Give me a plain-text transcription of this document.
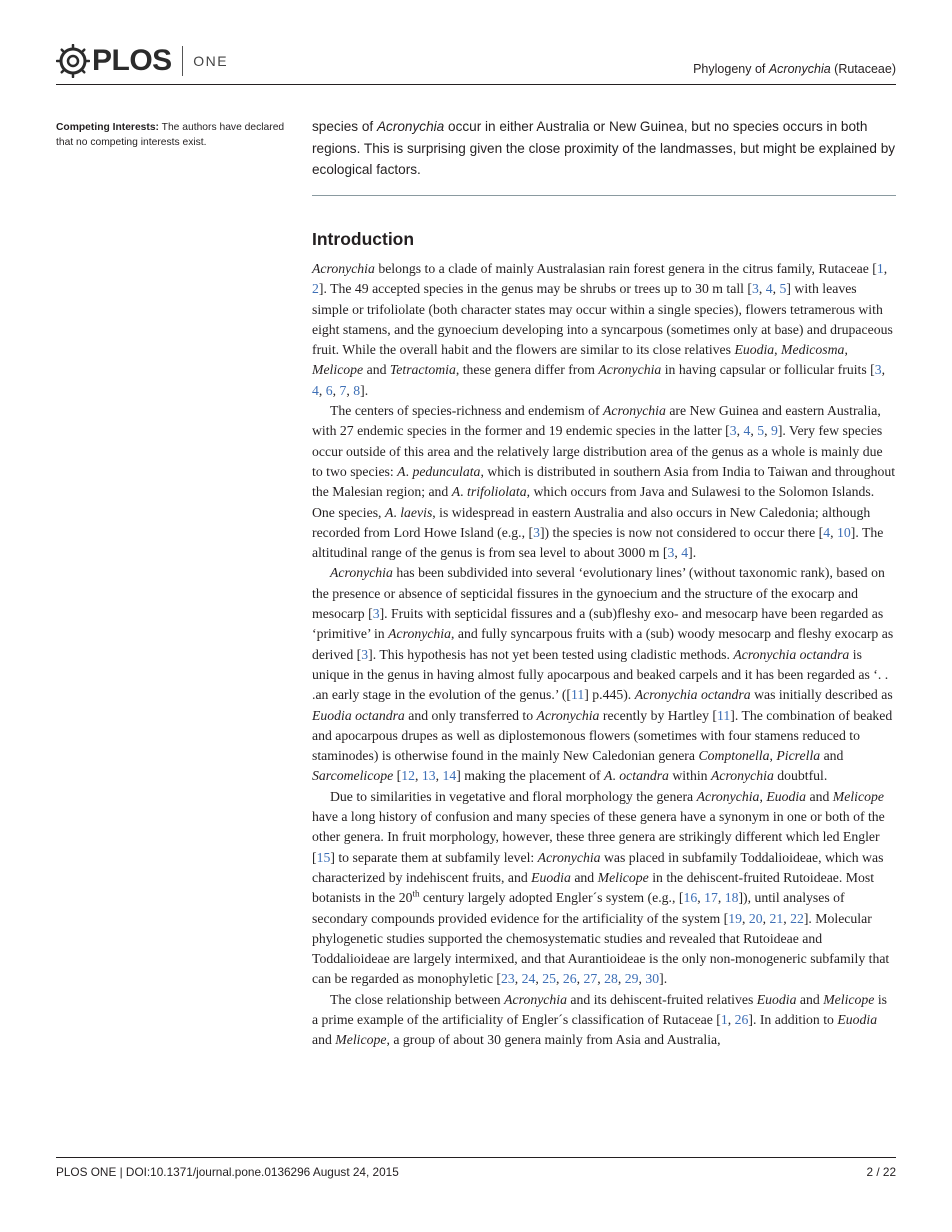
PLOS ONE	Phylogeny of Acronychia (Rutaceae)
Competing Interests: The authors have declared that no competing interests exist.
species of Acronychia occur in either Australia or New Guinea, but no species occurs in both regions. This is surprising given the close proximity of the landmasses, but might be explained by ecological factors.
Introduction

Acronychia belongs to a clade of mainly Australasian rain forest genera in the citrus family, Rutaceae [1, 2]. The 49 accepted species in the genus may be shrubs or trees up to 30 m tall [3, 4, 5] with leaves simple or trifoliolate (both character states may occur within a single species), flowers tetramerous with eight stamens, and the gynoecium developing into a syncarpous (sometimes only at base) and drupaceous fruit. While the overall habit and the flowers are similar to its close relatives Euodia, Medicosma, Melicope and Tetractomia, these genera differ from Acronychia in having capsular or follicular fruits [3, 4, 6, 7, 8].

The centers of species-richness and endemism of Acronychia are New Guinea and eastern Australia, with 27 endemic species in the former and 19 endemic species in the latter [3, 4, 5, 9]. Very few species occur outside of this area and the relatively large distribution area of the genus as a whole is mainly due to two species: A. pedunculata, which is distributed in southern Asia from India to Taiwan and throughout the Malesian region; and A. trifoliolata, which occurs from Java and Sulawesi to the Solomon Islands. One species, A. laevis, is widespread in eastern Australia and also occurs in New Caledonia; although recorded from Lord Howe Island (e.g., [3]) the species is now not considered to occur there [4, 10]. The altitudinal range of the genus is from sea level to about 3000 m [3, 4].

Acronychia has been subdivided into several ‘evolutionary lines’ (without taxonomic rank), based on the presence or absence of septicidal fissures in the gynoecium and the structure of the exocarp and mesocarp [3]. Fruits with septicidal fissures and a (sub)fleshy exo- and mesocarp have been regarded as ‘primitive’ in Acronychia, and fully syncarpous fruits with a (sub) woody mesocarp and fleshy exocarp as derived [3]. This hypothesis has not yet been tested using cladistic methods. Acronychia octandra is unique in the genus in having almost fully apocarpous and beaked carpels and it has been regarded as ‘. . .an early stage in the evolution of the genus.’ ([11] p.445). Acronychia octandra was initially described as Euodia octandra and only transferred to Acronychia recently by Hartley [11]. The combination of beaked and apocarpous drupes as well as diplostemonous flowers (sometimes with four stamens reduced to staminodes) is otherwise found in the mainly New Caledonian genera Comptonella, Picrella and Sarcomelicope [12, 13, 14] making the placement of A. octandra within Acronychia doubtful.

Due to similarities in vegetative and floral morphology the genera Acronychia, Euodia and Melicope have a long history of confusion and many species of these genera have a synonym in one or both of the other genera. In fruit morphology, however, these three genera are strikingly different which led Engler [15] to separate them at subfamily level: Acronychia was placed in subfamily Toddalioideae, which was characterized by indehiscent fruits, and Euodia and Melicope in the dehiscent-fruited Rutoideae. Most botanists in the 20th century largely adopted Engler´s system (e.g., [16, 17, 18]), until analyses of secondary compounds provided evidence for the artificiality of the system [19, 20, 21, 22]. Molecular phylogenetic studies supported the chemosystematic studies and revealed that Rutoideae and Toddalioideae are largely intermixed, and that Aurantioideae is the only non-monogeneric subfamily that can be regarded as monophyletic [23, 24, 25, 26, 27, 28, 29, 30].

The close relationship between Acronychia and its dehiscent-fruited relatives Euodia and Melicope is a prime example of the artificiality of Engler´s classification of Rutaceae [1, 26]. In addition to Euodia and Melicope, a group of about 30 genera mainly from Asia and Australia,

PLOS ONE | DOI:10.1371/journal.pone.0136296 August 24, 2015	2 / 22
